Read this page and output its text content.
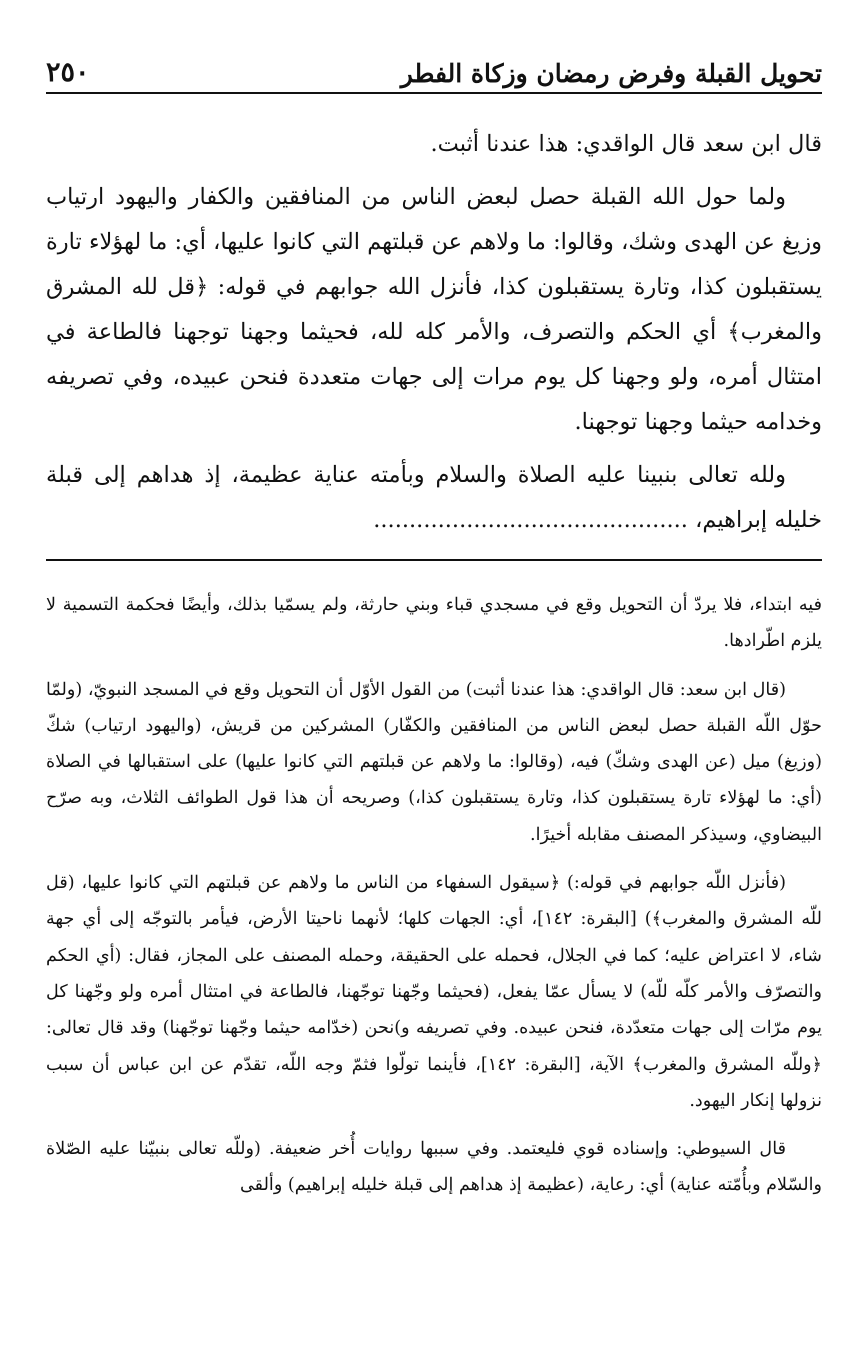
تحويل القبلة وفرض رمضان وزكاة الفطر
٢٥٠

قال ابن سعد قال الواقدي: هذا عندنا أثبت.

ولما حول الله القبلة حصل لبعض الناس من المنافقين والكفار واليهود ارتياب وزيغ عن الهدى وشك، وقالوا: ما ولاهم عن قبلتهم التي كانوا عليها، أي: ما لهؤلاء تارة يستقبلون كذا، وتارة يستقبلون كذا، فأنزل الله جوابهم في قوله: ﴿قل لله المشرق والمغرب﴾ أي الحكم والتصرف، والأمر كله لله، فحيثما وجهنا توجهنا فالطاعة في امتثال أمره، ولو وجهنا كل يوم مرات إلى جهات متعددة فنحن عبيده، وفي تصريفه وخدامه حيثما وجهنا توجهنا.

ولله تعالى بنبينا عليه الصلاة والسلام وبأمته عناية عظيمة، إذ هداهم إلى قبلة خليله إبراهيم، ............................................

فيه ابتداء، فلا يردّ أن التحويل وقع في مسجدي قباء وبني حارثة، ولم يسمّيا بذلك، وأيضًا فحكمة التسمية لا يلزم اطّرادها.

(قال ابن سعد: قال الواقدي: هذا عندنا أثبت) من القول الأوّل أن التحويل وقع في المسجد النبويّ، (ولمّا حوّل اللّه القبلة حصل لبعض الناس من المنافقين والكفّار) المشركين من قريش، (واليهود ارتياب) شكّ (وزيغ) ميل (عن الهدى وشكّ) فيه، (وقالوا: ما ولاهم عن قبلتهم التي كانوا عليها) على استقبالها في الصلاة (أي: ما لهؤلاء تارة يستقبلون كذا، وتارة يستقبلون كذا،) وصريحه أن هذا قول الطوائف الثلاث، وبه صرّح البيضاوي، وسيذكر المصنف مقابله أخيرًا.

(فأنزل اللّه جوابهم في قوله:) ﴿سيقول السفهاء من الناس ما ولاهم عن قبلتهم التي كانوا عليها، (قل للّه المشرق والمغرب﴾) [البقرة: ١٤٢]، أي: الجهات كلها؛ لأنهما ناحيتا الأرض، فيأمر بالتوجّه إلى أي جهة شاء، لا اعتراض عليه؛ كما في الجلال، فحمله على الحقيقة، وحمله المصنف على المجاز، فقال: (أي الحكم والتصرّف والأمر كلّه للّه) لا يسأل عمّا يفعل، (فحيثما وجّهنا توجّهنا، فالطاعة في امتثال أمره ولو وجّهنا كل يوم مرّات إلى جهات متعدّدة، فنحن عبيده. وفي تصريفه و)نحن (خدّامه حيثما وجّهنا توجّهنا) وقد قال تعالى: ﴿وللّه المشرق والمغرب﴾ الآية، [البقرة: ١٤٢]، فأينما تولّوا فثمّ وجه اللّه، تقدّم عن ابن عباس أن سبب نزولها إنكار اليهود.

قال السيوطي: وإسناده قوي فليعتمد. وفي سببها روايات أُخر ضعيفة. (وللّه تعالى بنبيّنا عليه الصّلاة والسّلام وبأُمّته عناية) أي: رعاية، (عظيمة إذ هداهم إلى قبلة خليله إبراهيم) وألقى
